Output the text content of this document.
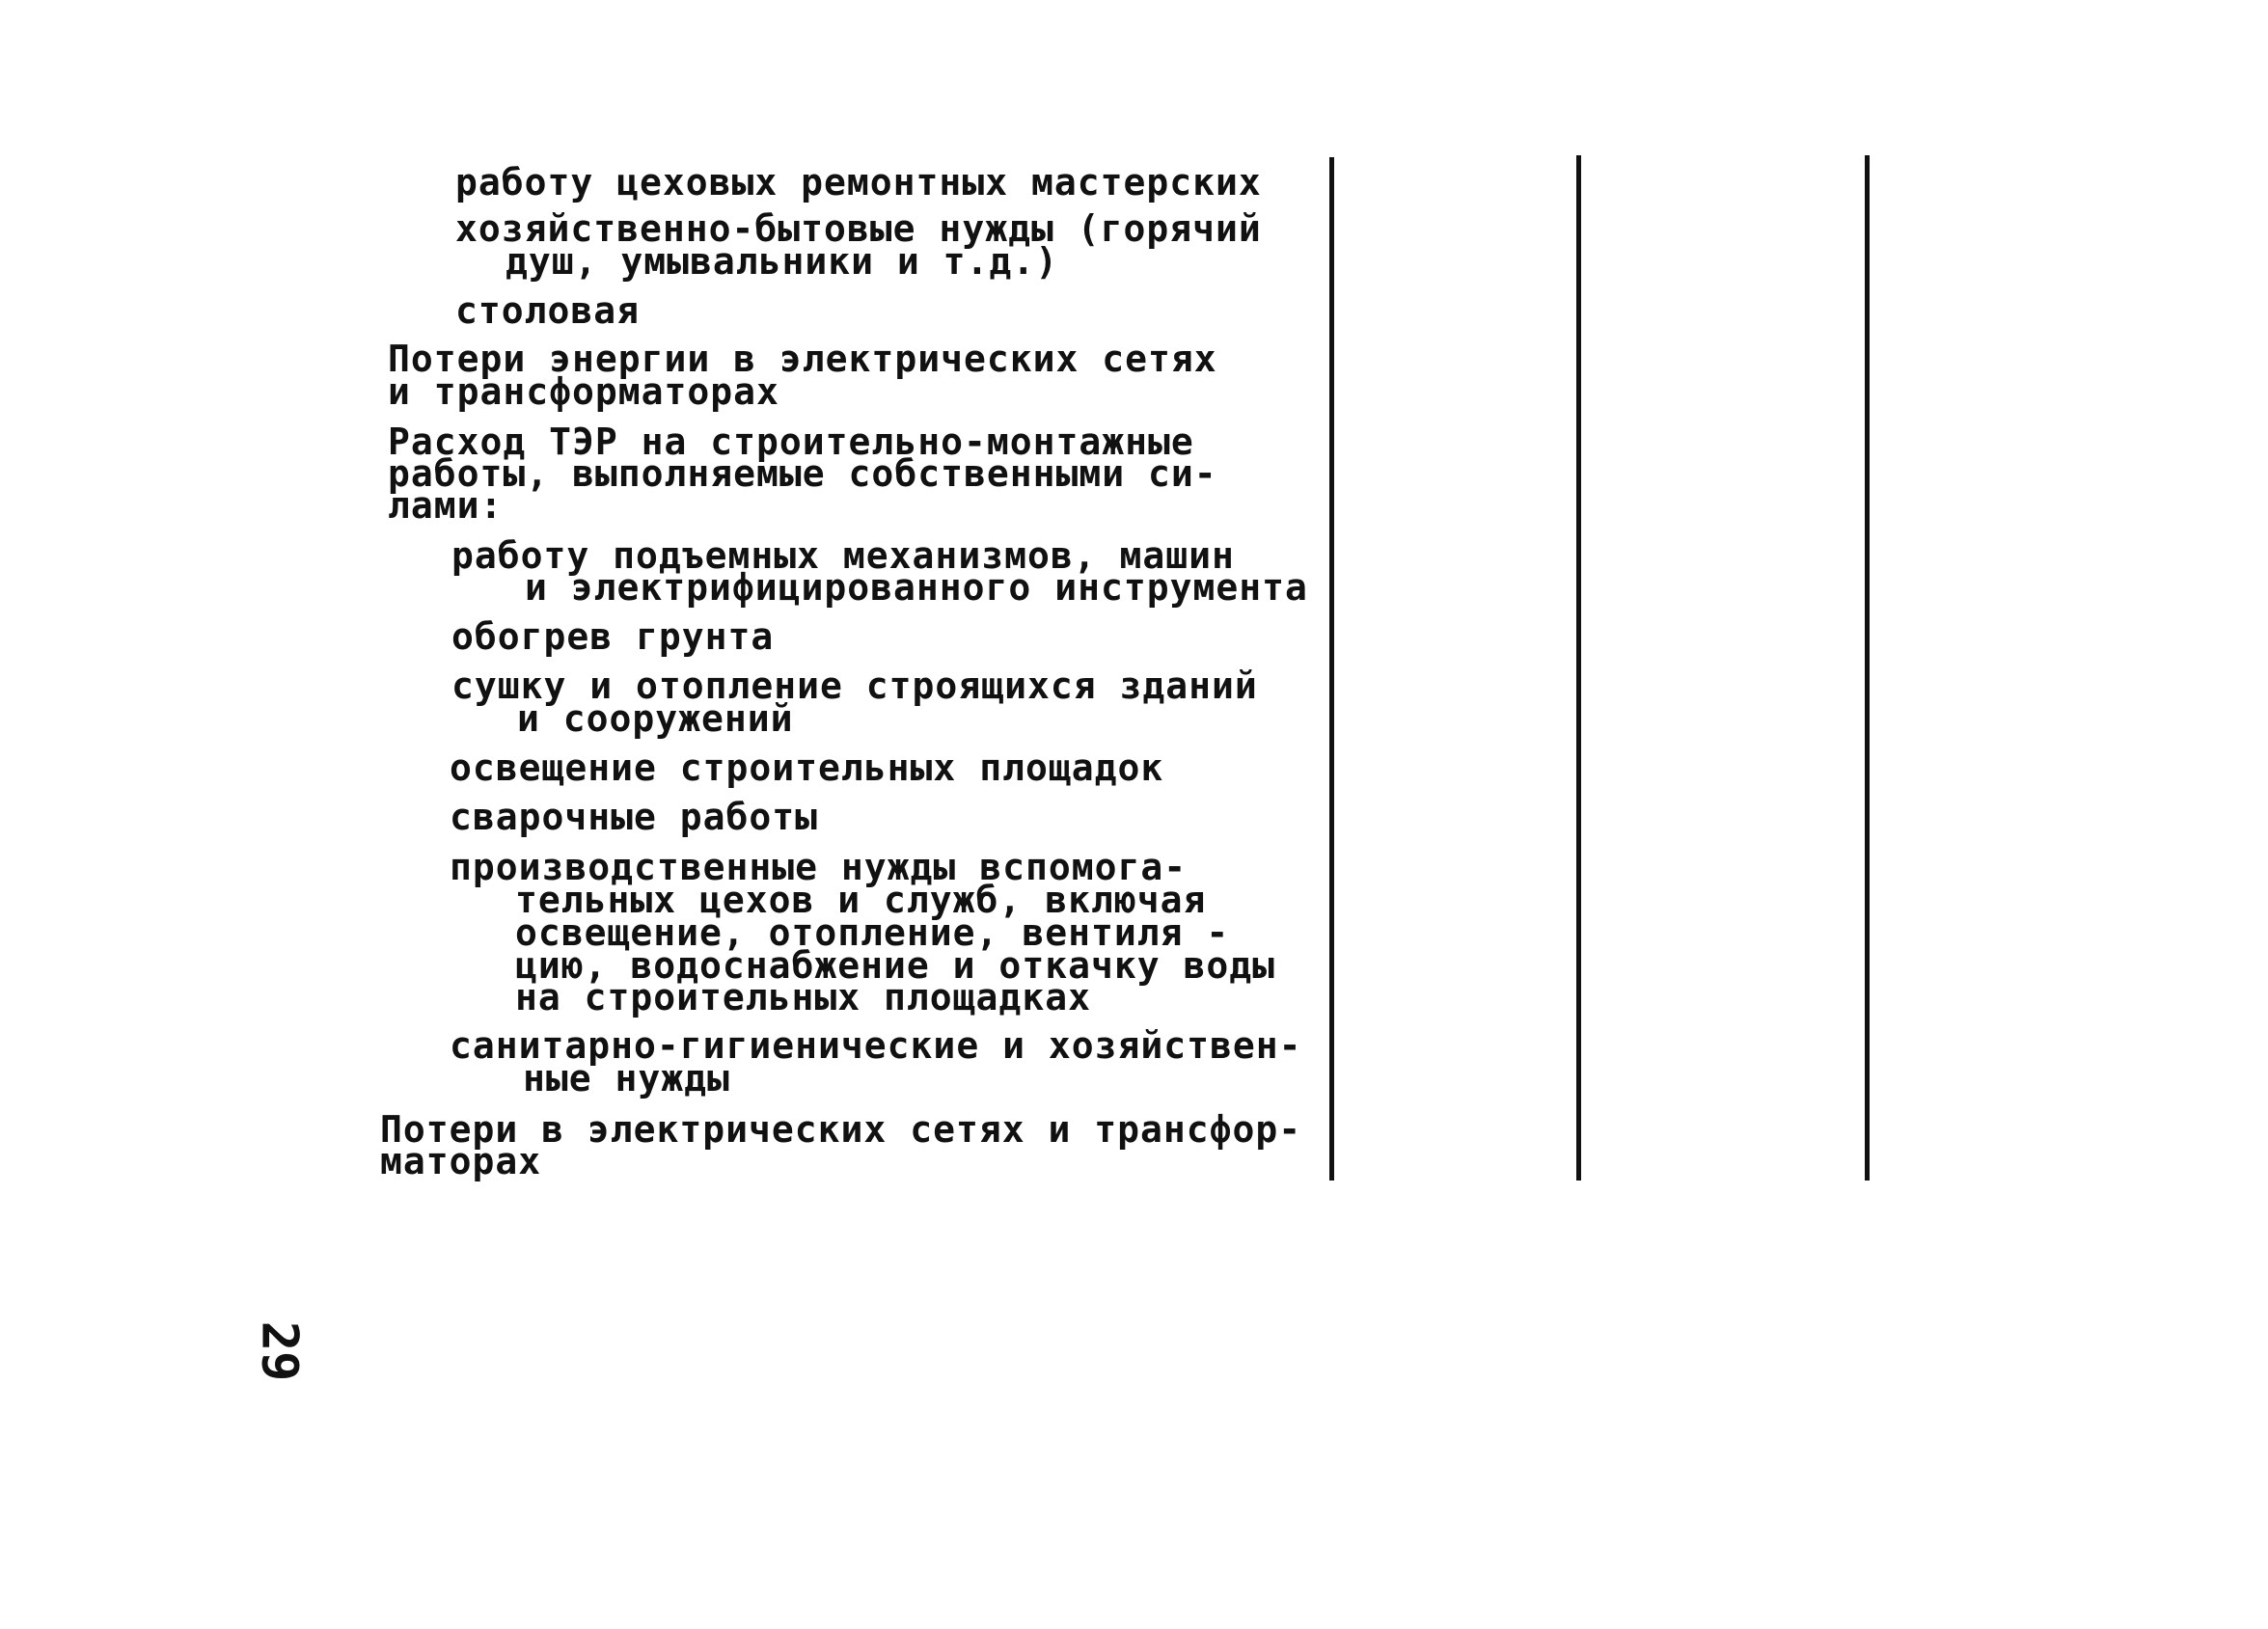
работу цеховых ремонтных мастерских
хозяйственно-бытовые нужды (горячий
душ, умывальники и т.д.)
столовая
Потери энергии в электрических сетях
и трансформаторах
Расход ТЭР на строительно-монтажные
работы, выполняемые собственными си-
лами:
работу подъемных механизмов, машин
и электрифицированного инструмента
обогрев грунта
сушку и отопление строящихся зданий
и сооружений
освещение строительных площадок
сварочные работы
производственные нужды вспомога-
тельных цехов и служб, включая
освещение, отопление, вентиля -
цию, водоснабжение и откачку воды
на строительных площадках
санитарно-гигиенические и хозяйствен-
ные нужды
Потери в электрических сетях и трансфор-
маторах
29
